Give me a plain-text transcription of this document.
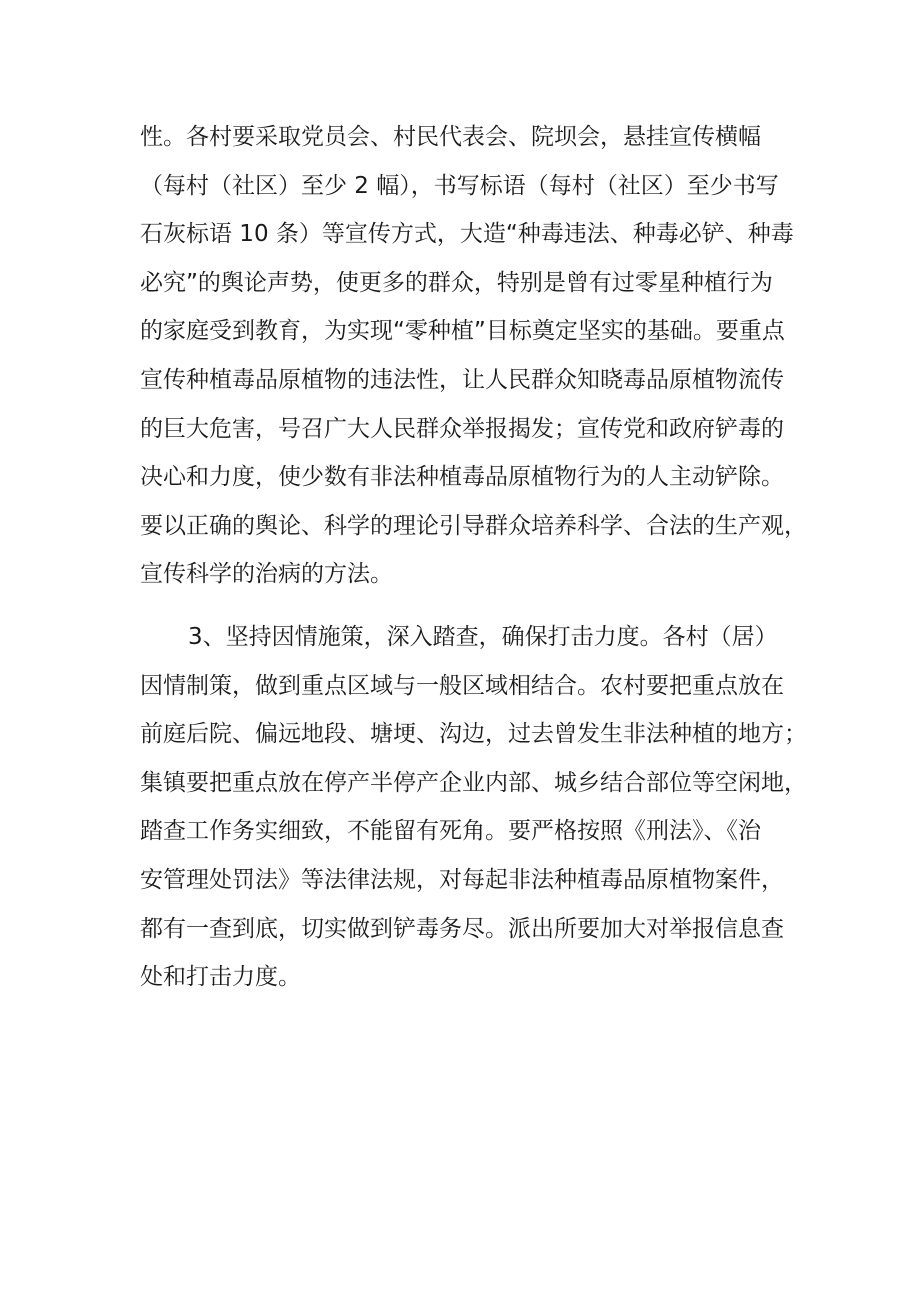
性。各村要采取党员会、村民代表会、院坝会，悬挂宣传横幅
（每村（社区）至少 2 幅），书写标语（每村（社区）至少书写
石灰标语 10 条）等宣传方式，大造“种毒违法、种毒必铲、种毒
必究”的舆论声势，使更多的群众，特别是曾有过零星种植行为
的家庭受到教育，为实现“零种植”目标奠定坚实的基础。要重点
宣传种植毒品原植物的违法性，让人民群众知晓毒品原植物流传
的巨大危害，号召广大人民群众举报揭发；宣传党和政府铲毒的
决心和力度，使少数有非法种植毒品原植物行为的人主动铲除。
要以正确的舆论、科学的理论引导群众培养科学、合法的生产观，
宣传科学的治病的方法。
3、坚持因情施策，深入踏查，确保打击力度。各村（居）
因情制策，做到重点区域与一般区域相结合。农村要把重点放在
前庭后院、偏远地段、塘埂、沟边，过去曾发生非法种植的地方；
集镇要把重点放在停产半停产企业内部、城乡结合部位等空闲地，
踏查工作务实细致，不能留有死角。要严格按照《刑法》、《治
安管理处罚法》等法律法规，对每起非法种植毒品原植物案件，
都有一查到底，切实做到铲毒务尽。派出所要加大对举报信息查
处和打击力度。
